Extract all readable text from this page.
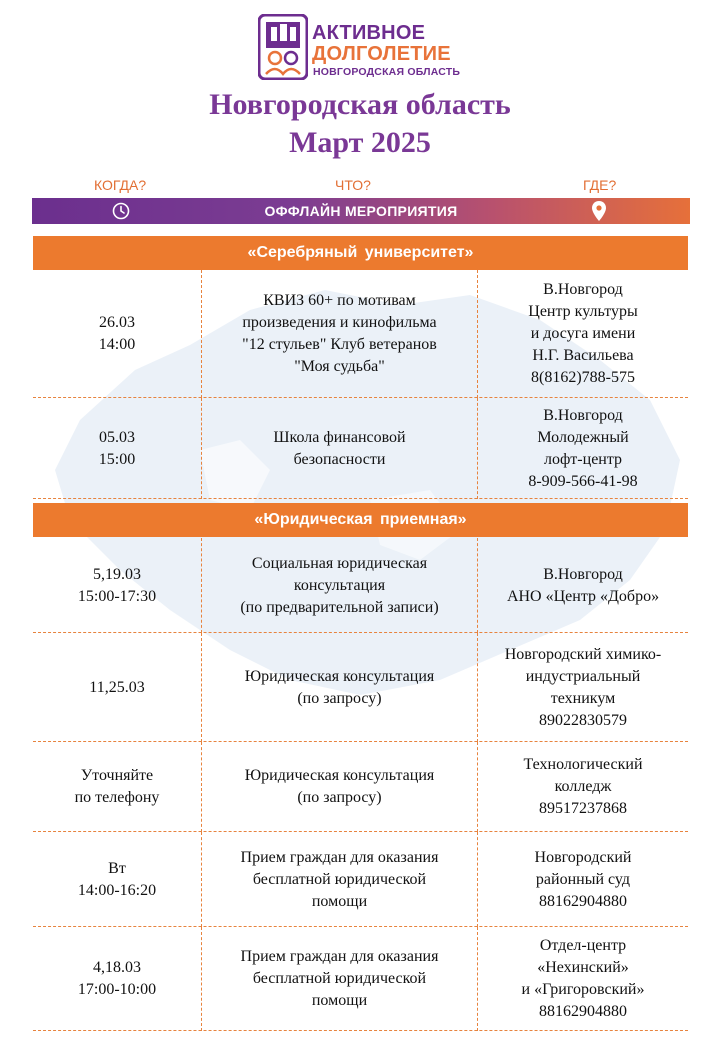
АКТИВНОЕ
ДОЛГОЛЕТИЕ
НОВГОРОДСКАЯ ОБЛАСТЬ
Новгородская область
Март 2025
КОГДА?	ЧТО?	ГДЕ?
ОФФЛАЙН МЕРОПРИЯТИЯ
«Серебряный университет»
26.03
14:00
КВИЗ 60+ по мотивам
произведения и кинофильма
"12 стульев" Клуб ветеранов
"Моя судьба"
В.Новгород
Центр культуры
и досуга имени
Н.Г. Васильева
8(8162)788-575
05.03
15:00
Школа финансовой
безопасности
В.Новгород
Молодежный
лофт-центр
8-909-566-41-98
«Юридическая приемная»
5,19.03
15:00-17:30
Социальная юридическая
консультация
(по предварительной записи)
В.Новгород
АНО «Центр «Добро»
11,25.03
Юридическая консультация
(по запросу)
Новгородский химико-
индустриальный
техникум
89022830579
Уточняйте
по телефону
Юридическая консультация
(по запросу)
Технологический
колледж
89517237868
Вт
14:00-16:20
Прием граждан для оказания
бесплатной юридической
помощи
Новгородский
районный суд
88162904880
4,18.03
17:00-10:00
Прием граждан для оказания
бесплатной юридической
помощи
Отдел-центр
«Нехинский»
и «Григоровский»
88162904880
